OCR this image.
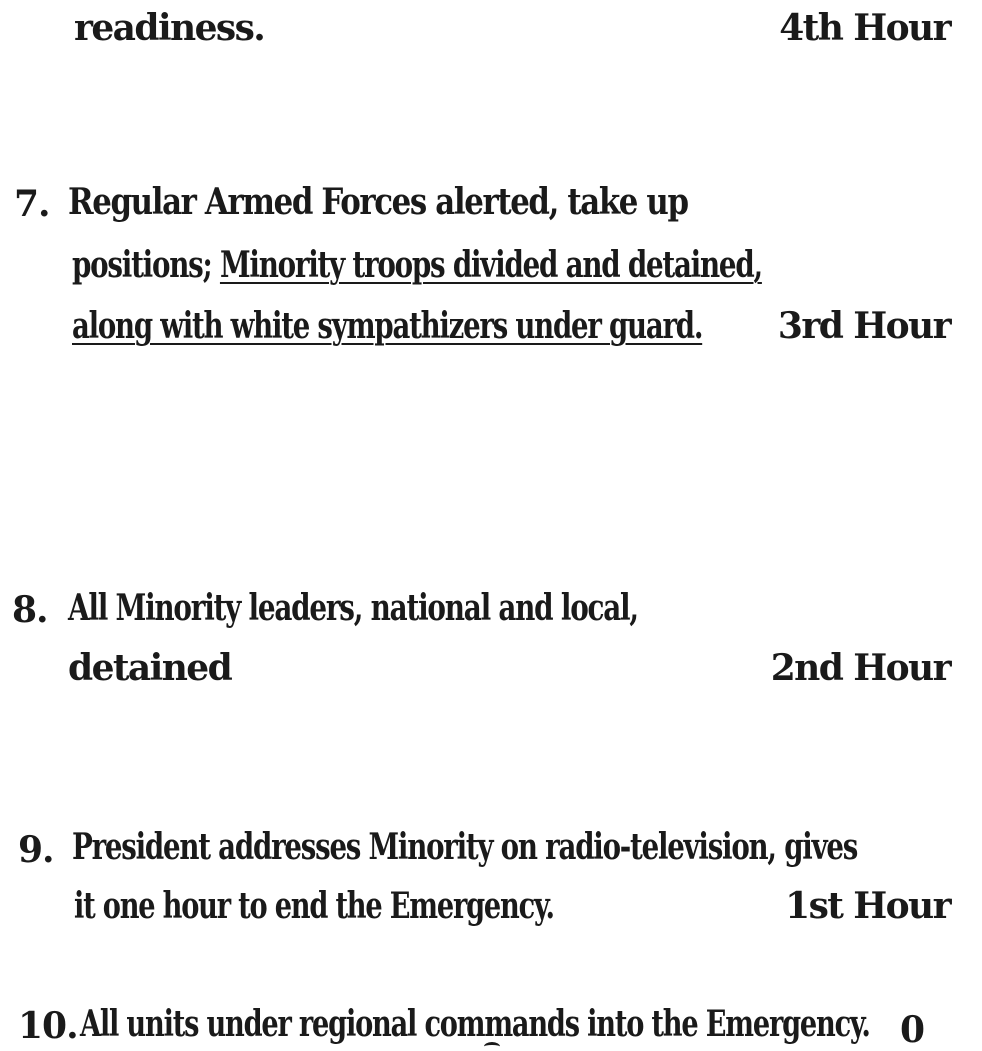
readiness.	4th Hour
7. Regular Armed Forces alerted, take up
positions; Minority troops divided and detained,
along with white sympathizers under guard. 3rd Hour
8. All Minority leaders, national and local,
detained	2nd Hour
9. President addresses Minority on radio-television, gives
it one hour to end the Emergency.	1st Hour
10. All units under regional commands into the Emergency. 0
